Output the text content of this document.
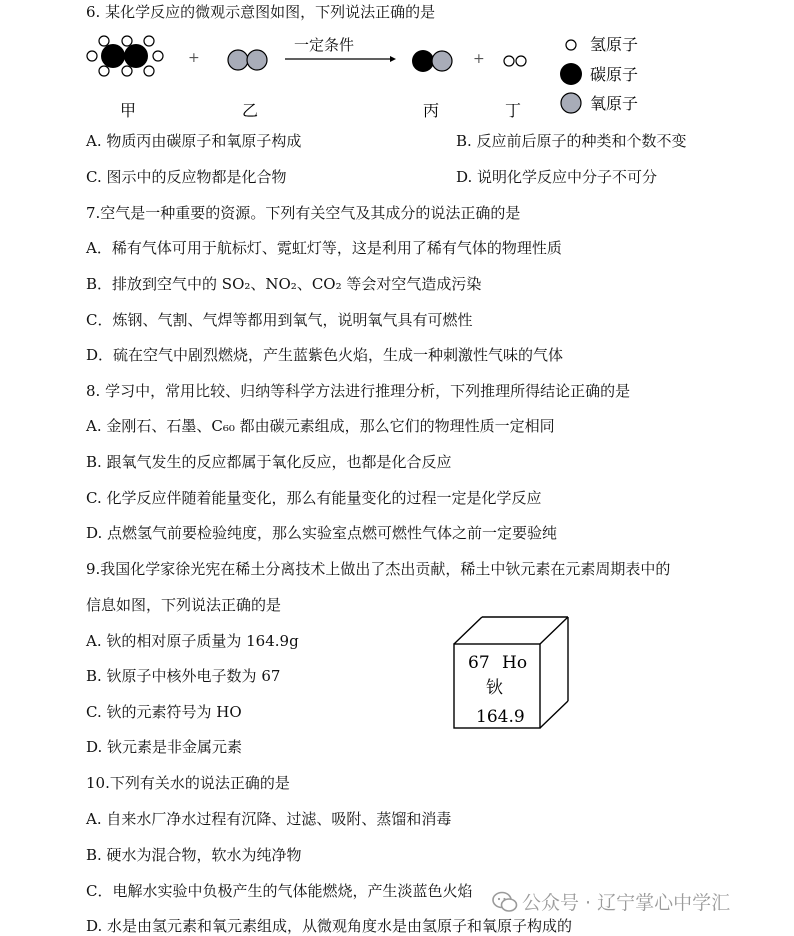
6. 某化学反应的微观示意图如图，下列说法正确的是
+
一定条件
+
甲	乙	丙	丁
氢原子
碳原子
氧原子
A. 物质丙由碳原子和氧原子构成	B. 反应前后原子的种类和个数不变
C. 图示中的反应物都是化合物	D. 说明化学反应中分子不可分
7.空气是一种重要的资源。下列有关空气及其成分的说法正确的是
A．稀有气体可用于航标灯、霓虹灯等，这是利用了稀有气体的物理性质
B．排放到空气中的 SO₂、NO₂、CO₂ 等会对空气造成污染
C．炼钢、气割、气焊等都用到氧气，说明氧气具有可燃性
D．硫在空气中剧烈燃烧，产生蓝紫色火焰，生成一种刺激性气味的气体
8. 学习中，常用比较、归纳等科学方法进行推理分析，下列推理所得结论正确的是
A. 金刚石、石墨、C₆₀ 都由碳元素组成，那么它们的物理性质一定相同
B. 跟氧气发生的反应都属于氧化反应，也都是化合反应
C. 化学反应伴随着能量变化，那么有能量变化的过程一定是化学反应
D. 点燃氢气前要检验纯度，那么实验室点燃可燃性气体之前一定要验纯
9.我国化学家徐光宪在稀土分离技术上做出了杰出贡献，稀土中钬元素在元素周期表中的
信息如图，下列说法正确的是
A. 钬的相对原子质量为 164.9g
B. 钬原子中核外电子数为 67
C. 钬的元素符号为 HO
D. 钬元素是非金属元素
67 Ho
钬
164.9
10.下列有关水的说法正确的是
A. 自来水厂净水过程有沉降、过滤、吸附、蒸馏和消毒
B. 硬水为混合物，软水为纯净物
C．电解水实验中负极产生的气体能燃烧，产生淡蓝色火焰
D. 水是由氢元素和氧元素组成，从微观角度水是由氢原子和氧原子构成的
公众号 · 辽宁掌心中学汇
